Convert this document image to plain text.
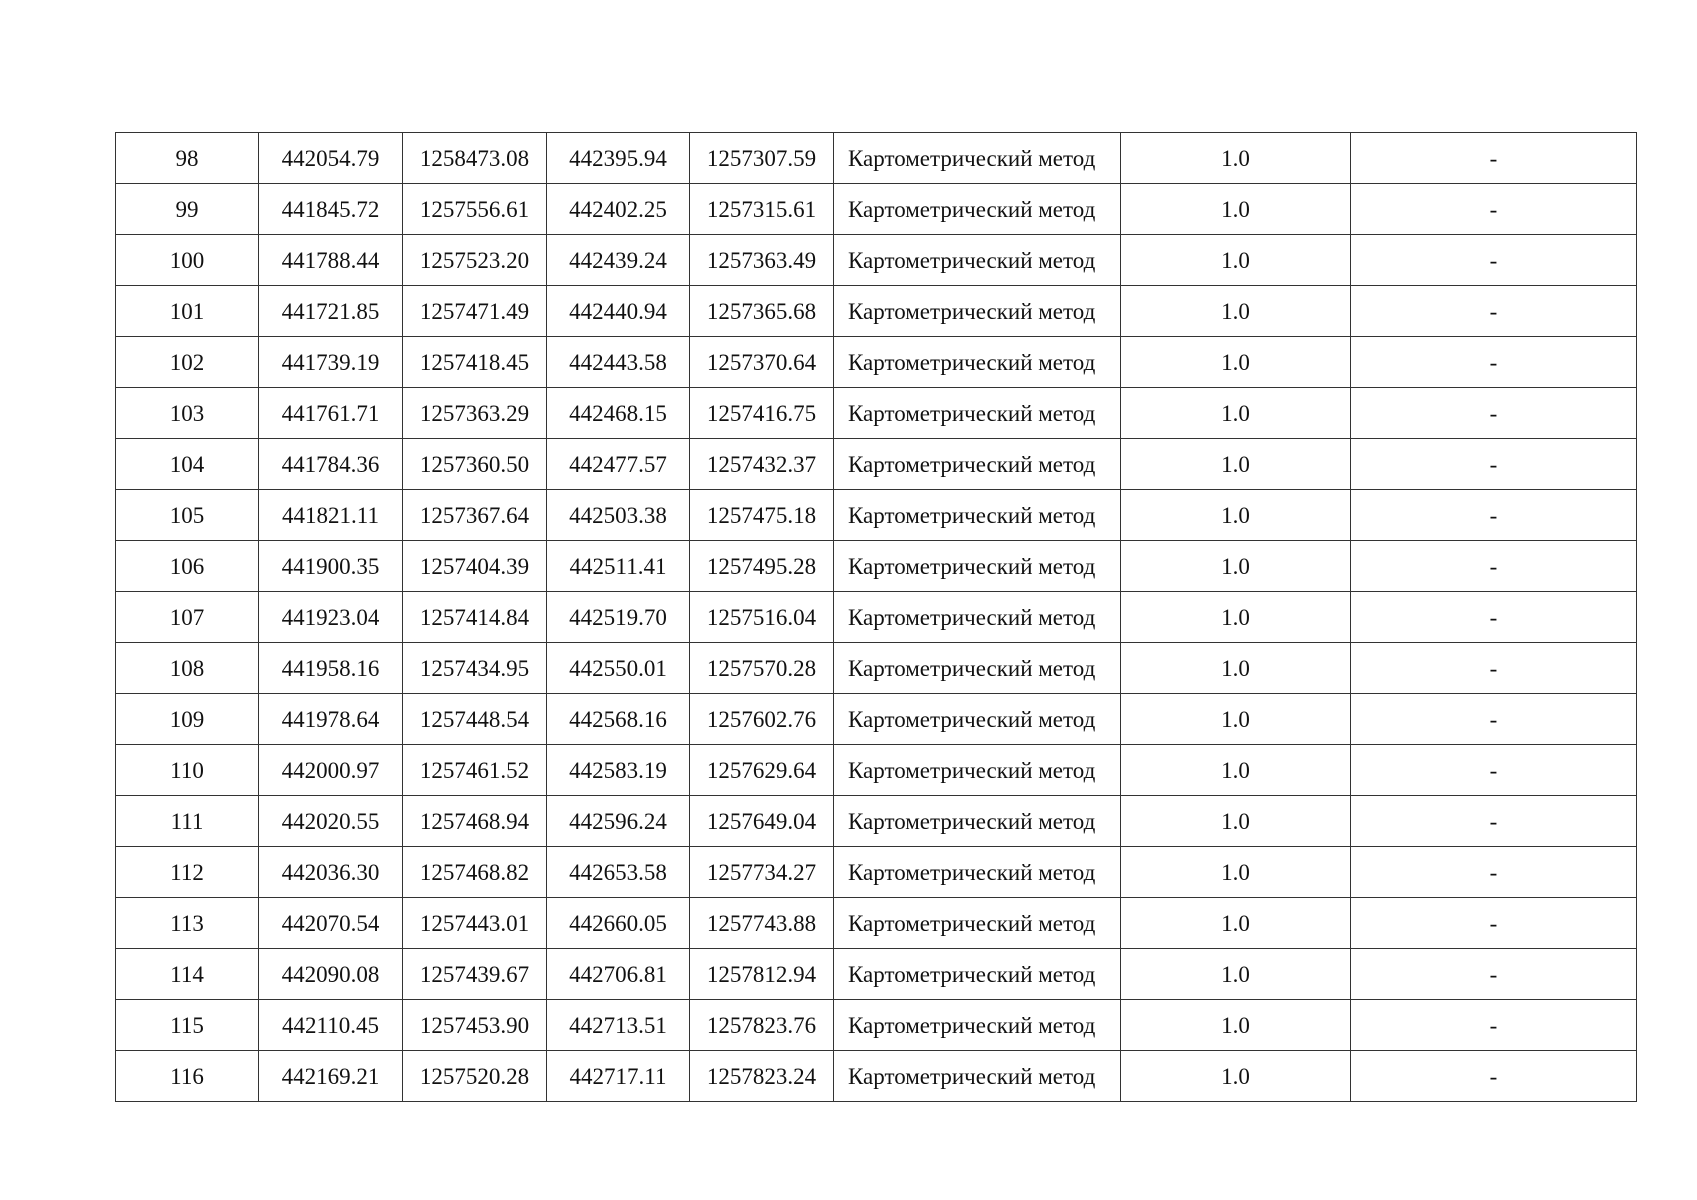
98	442054.79	1258473.08	442395.94	1257307.59	Картометрический метод	1.0	-
99	441845.72	1257556.61	442402.25	1257315.61	Картометрический метод	1.0	-
100	441788.44	1257523.20	442439.24	1257363.49	Картометрический метод	1.0	-
101	441721.85	1257471.49	442440.94	1257365.68	Картометрический метод	1.0	-
102	441739.19	1257418.45	442443.58	1257370.64	Картометрический метод	1.0	-
103	441761.71	1257363.29	442468.15	1257416.75	Картометрический метод	1.0	-
104	441784.36	1257360.50	442477.57	1257432.37	Картометрический метод	1.0	-
105	441821.11	1257367.64	442503.38	1257475.18	Картометрический метод	1.0	-
106	441900.35	1257404.39	442511.41	1257495.28	Картометрический метод	1.0	-
107	441923.04	1257414.84	442519.70	1257516.04	Картометрический метод	1.0	-
108	441958.16	1257434.95	442550.01	1257570.28	Картометрический метод	1.0	-
109	441978.64	1257448.54	442568.16	1257602.76	Картометрический метод	1.0	-
110	442000.97	1257461.52	442583.19	1257629.64	Картометрический метод	1.0	-
111	442020.55	1257468.94	442596.24	1257649.04	Картометрический метод	1.0	-
112	442036.30	1257468.82	442653.58	1257734.27	Картометрический метод	1.0	-
113	442070.54	1257443.01	442660.05	1257743.88	Картометрический метод	1.0	-
114	442090.08	1257439.67	442706.81	1257812.94	Картометрический метод	1.0	-
115	442110.45	1257453.90	442713.51	1257823.76	Картометрический метод	1.0	-
116	442169.21	1257520.28	442717.11	1257823.24	Картометрический метод	1.0	-
